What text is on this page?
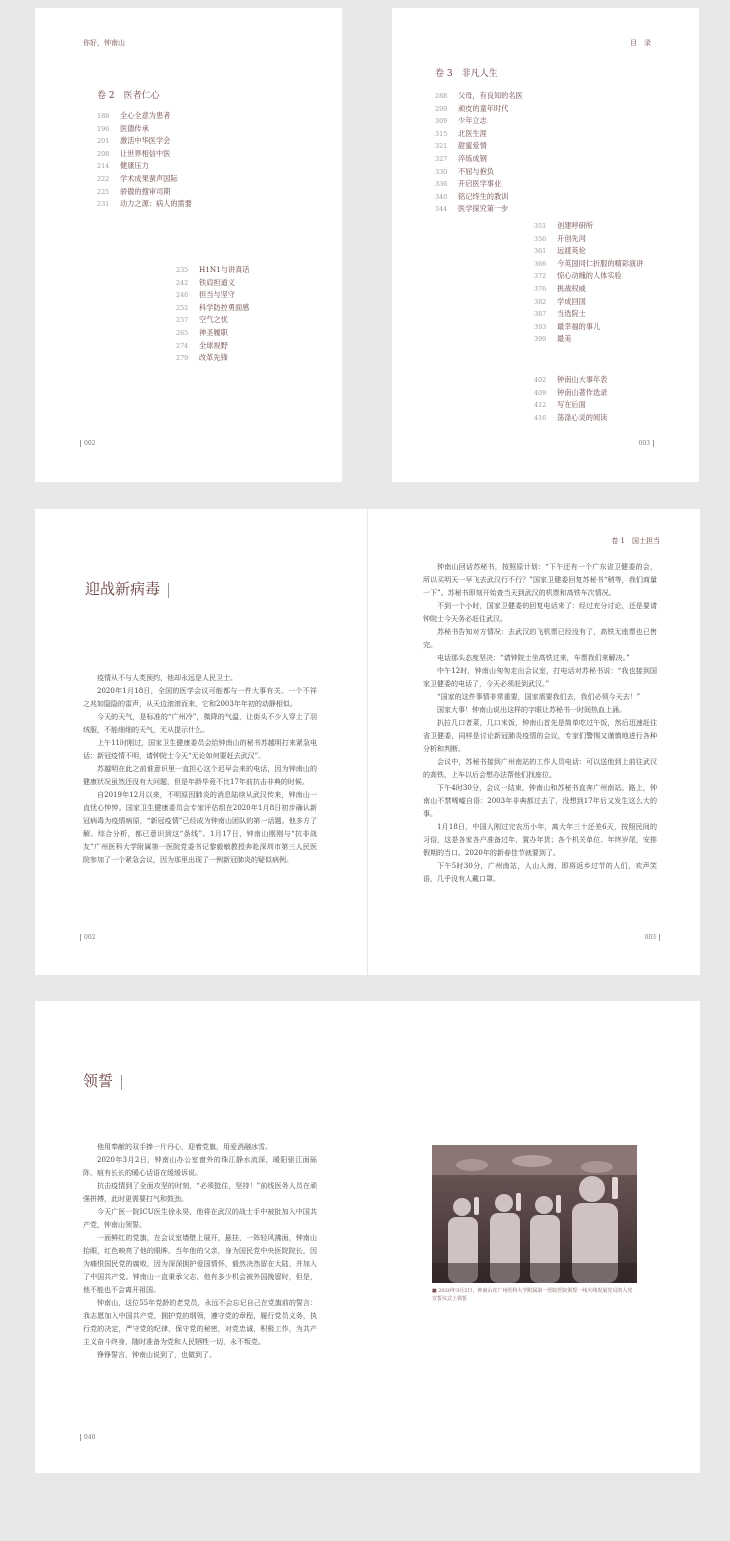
你好，钟南山
卷 2　医者仁心
188	全心全意为患者
196	医德传承
201	激活中华医学会
208	让世界相信中医
214	健康压力
222	学术成果蜚声国际
225	骄傲的搜审司期
231	动力之源：病人的需要
235	H1N1与讲真话
242	铁肩担道义
246	担当与坚守
252	科学防控勇面感
257	空气之忧
265	神圣履职
274	全球视野
279	改革先锋
002
目　录
卷 3　非凡人生
288	父母，有良知的名医
299	顽皮的童年时代
309	少年立志
315	北医生涯
321	甜蜜爱情
327	淬炼成钢
330	不屈与抱负
336	开启医学事业
340	铭记终生的教训
344	医学探究第一步
351	创建呼研所
356	开创先河
361	远渡英伦
366	今英国同仁折服的精彩演讲
372	惊心动魄的人体实验
376	挑战权威
382	学成回国
387	当选院士
393	最幸福的事儿
399	最美
402	钟南山大事年表
409	钟南山著作选录
412	写在后面
416	荡涤心灵的阅读
003
迎战新病毒

疫情从不与人类预约，他却永远是人民卫士。

2020年1月18日，全国的医学会议可能都与一件大事有关。一个不祥之兆如隐隐的雷声，从天边滚滚而来，它和2003年年初的动静相似。

今天的天气，是标准的“广州冷”，微降的气温，让街头不少人穿上了羽绒服，不能细细的天气，无从提示什么。

上午11时刚过，国家卫生健康委员会给钟南山的秘书苏越明打来紧急电话：新冠疫情不明，请钟院士今天“无论如何要赶去武汉”。

苏越明在此之前谁意识里一直担心这个迟早会来的电话，因为钟南山的健康状况虽然还没有大问题，但是年龄毕竟不比17年前抗击非典的时候。

自2019年12月以来，不明原因肺炎的消息陆续从武汉传来，钟南山一直忧心忡忡。国家卫生健康委员会专家评估组在2020年1月8日初步确认新冠病毒为疫情病原，“新冠疫情”已经成为钟南山团队的第一话题。他多方了解、综合分析，都已意识到这“条线”。1月17日，钟南山刚刚与“抗非战友”广州医科大学附属第一医院党委书记黎毅敏教授奔赴深圳市第三人民医院参加了一个紧急会议，因为那里出现了一例新冠肺炎的疑似病例。

002
卷 1　国士担当

钟南山回话苏秘书，按照原计划：“下午还有一个广东省卫健委的会，所以买明天一早飞去武汉行不行？”国家卫健委回复苏秘书“稍等，我们商量一下”。苏秘书即刻开始查当天到武汉的机票和高铁车次情况。

不到一个小时，国家卫健委的回复电话来了：经过充分讨论，还是要请钟院士今天务必赶往武汉。

苏秘书告知对方情况：去武汉的飞机票已经没有了，高铁无座票也已售完。

电话那头态度坚决：“请钟院士坐高铁过来，车票我们来解决。”

中午12时，钟南山匆匆走出会议室，打电话对苏秘书说：“我也接到国家卫健委的电话了，今天必须赶到武汉。”

“国家的这件事情非常重要，国家需要我们去，我们必须今天去！”

国家大事！钟南山说出这样的字眼让苏秘书一时间热血上涌。

扒拉几口者菜，几口米饭，钟南山首先是简单吃过午饭，然后迅速赶往省卫健委，同样是讨论新冠肺炎疫情的会议，专家们警惕又谨慎地进行各种分析和判断。

会议中，苏秘书接到广州南站的工作人员电话：可以送他到上前往武汉的高铁，上车以后会想办法帮他们找座位。

下午4时30分，会议一结束，钟南山和苏秘书直奔广州南站。路上，钟南山不禁唏嘘自语：2003年非典都过去了，没想到17年后又发生这么大的事。

1月18日，中国人刚过完农历小年，离大年三十还差6天，按照民间的习俗，这是各家各户准备过年，置办年货；各个机关单位、年终岁尾，安排假期的当口。2020年的新春佳节就要到了。

下午5时30分，广州南站，人山人海，即将返乡过节的人们，欢声笑语，几乎没有人戴口罩。

003
领誓

他用奉献的双手捧一片丹心，迎着党旗，用爱消融冰雪。

2020年3月2日，钟南山办公室窗外的珠江静水流深，暖阳驱江面砾阵，痕有长长的暖心话语在缓缓诉说。

抗击疫情到了全面攻坚的时刻，“必须挺住，坚持！”前线医务人员在顽强拼搏，此时更需要打气和鼓劲。

今天广医一院ICU医生徐永昊，他将在武汉的战士手中被批加入中国共产党，钟南山领誓。

一面鲜红的党旗，在会议室墙壁上展开，悬挂，一阵轻风拂面，钟南山抬眼，红色映亮了他的眼眸。当年他的父亲，身为国民党中央医院院长，因为痛恨国民党的腐败，因为深深拥护爱国情怀，毅然决然留在大陆，并加入了中国共产党。钟南山一直秉承父志，他有多少机会被外国挽留时，但是，他不能也不会离开祖国。

钟南山，这位55年党龄的老党员，永远不会忘记自己在党旗前的誓言：我志愿加入中国共产党，拥护党的纲领，遵守党的章程，履行党员义务，执行党的决定，严守党的纪律，保守党的秘密，对党忠诚，积极工作，为共产主义奋斗终身，随时准备为党和人民牺牲一切，永不叛党。

铮铮誓言，钟南山说到了，也做到了。

040
■ 2020年3月2日，钟南山在广州医科大学附属第一医院医院领誓一线火线发展党员的入党宣誓仪式上领誓
